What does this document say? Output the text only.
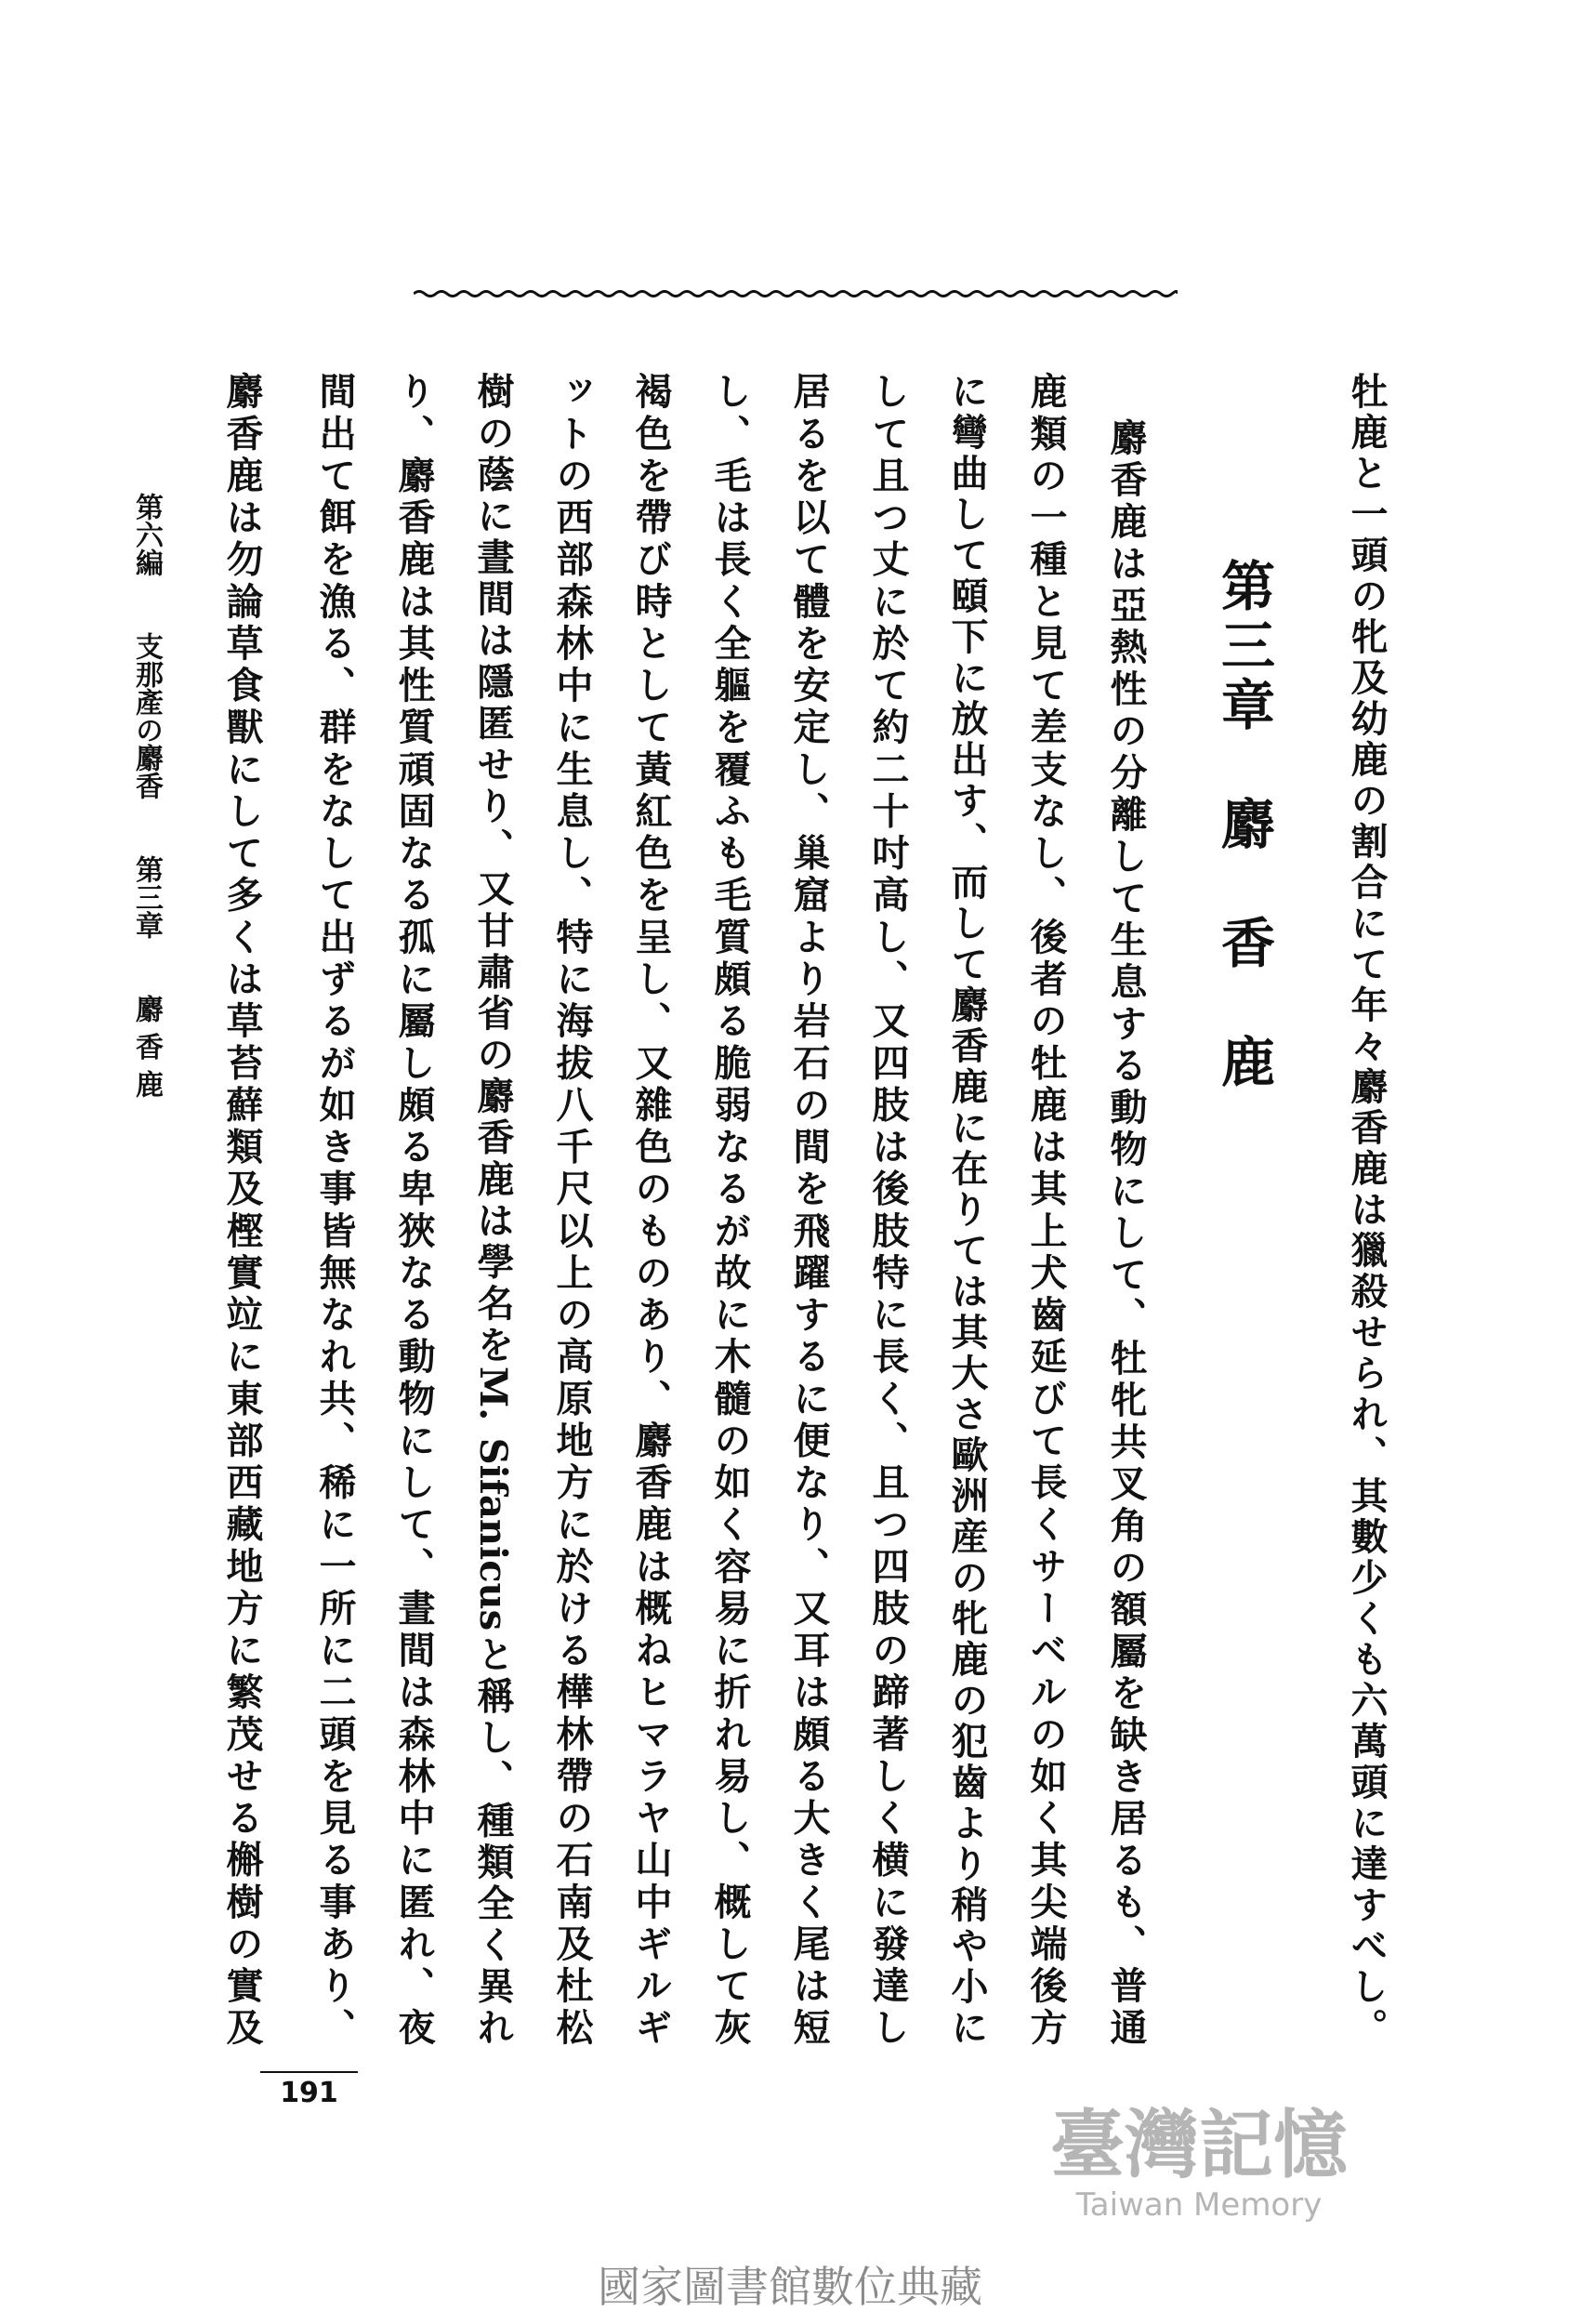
牡鹿と一頭の牝及幼鹿の割合にて年々麝香鹿は獵殺せられ、其數少くも六萬頭に達すべし。
第三章　麝　香　鹿
麝香鹿は亞熱性の分離して生息する動物にして、牡牝共叉角の額屬を缺き居るも、普通
鹿類の一種と見て差支なし、後者の牡鹿は其上犬齒延びて長くサーベルの如く其尖端後方
に彎曲して頤下に放出す、而して麝香鹿に在りては其大さ歐洲産の牝鹿の犯齒より稍や小に
して且つ丈に於て約二十吋高し、又四肢は後肢特に長く、且つ四肢の蹄著しく横に發達し
居るを以て體を安定し、巢窟より岩石の間を飛躍するに便なり、又耳は頗る大きく尾は短
し、毛は長く全軀を覆ふも毛質頗る脆弱なるが故に木髓の如く容易に折れ易し、概して灰
褐色を帶び時として黃紅色を呈し、又雜色のものあり、麝香鹿は概ねヒマラヤ山中ギルギ
ットの西部森林中に生息し、特に海拔八千尺以上の高原地方に於ける樺林帶の石南及杜松
樹の蔭に晝間は隱匿せり、又甘肅省の麝香鹿は學名をM. Sifanicusと稱し、種類全く異れ
り、麝香鹿は其性質頑固なる孤に屬し頗る卑狹なる動物にして、晝間は森林中に匿れ、夜
間出て餌を漁る、群をなして出ずるが如き事皆無なれ共、稀に一所に二頭を見る事あり、
麝香鹿は勿論草食獸にして多くは草苔蘚類及樫實竝に東部西藏地方に繁茂せる槲樹の實及
第六編
支那產の麝香
第三章
麝 香 鹿
191
臺灣記憶
Taiwan Memory
國家圖書館數位典藏
